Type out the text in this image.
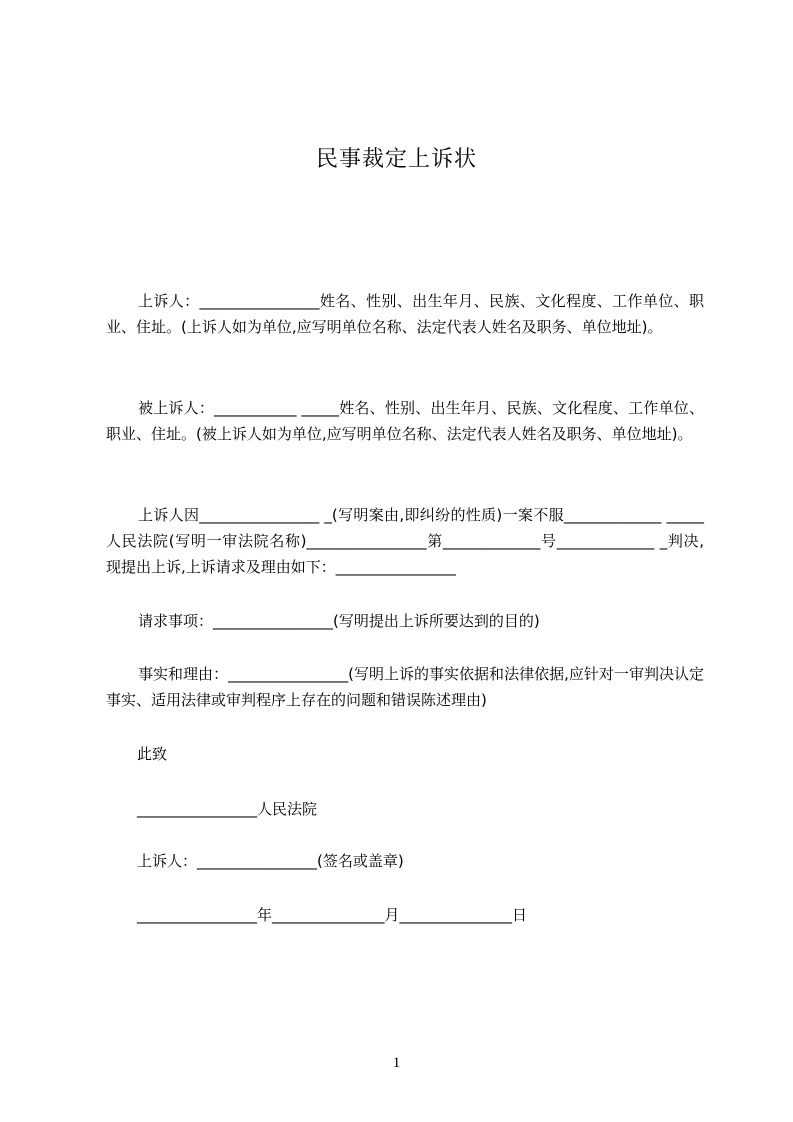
民事裁定上诉状
上诉人：________________姓名、性别、出生年月、民族、文化程度、工作单位、职业、住址。(上诉人如为单位,应写明单位名称、法定代表人姓名及职务、单位地址)。
被上诉人：___________ _____姓名、性别、出生年月、民族、文化程度、工作单位、职业、住址。(被上诉人如为单位,应写明单位名称、法定代表人姓名及职务、单位地址)。
上诉人因________________ _(写明案由,即纠纷的性质)一案不服_____________ _____人民法院(写明一审法院名称)________________第_____________号_____________ _判决,现提出上诉,上诉请求及理由如下：________________
请求事项：________________(写明提出上诉所要达到的目的)
事实和理由：________________(写明上诉的事实依据和法律依据,应针对一审判决认定事实、适用法律或审判程序上存在的问题和错误陈述理由)
此致
________________人民法院
上诉人：________________(签名或盖章)
________________年_______________月_______________日
1
